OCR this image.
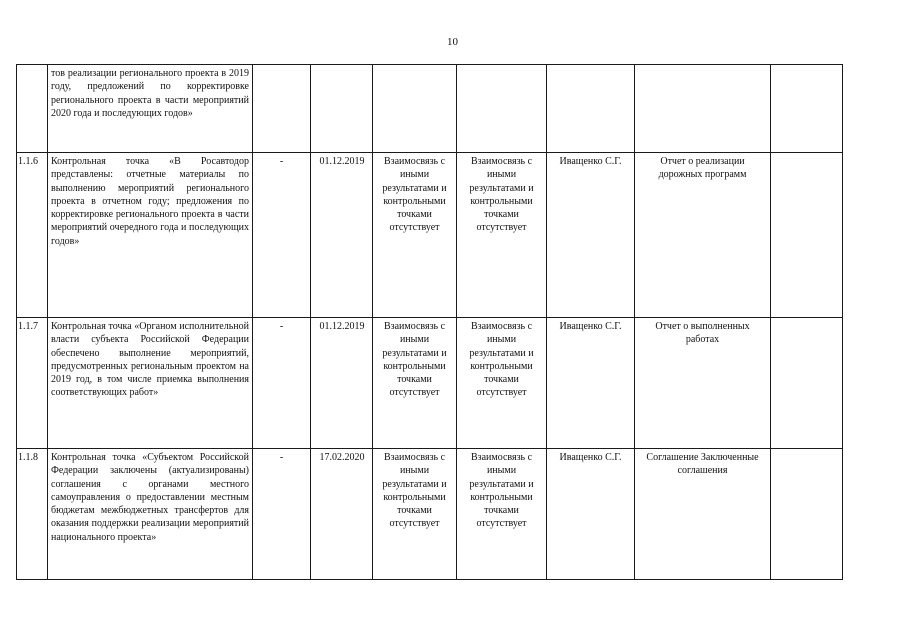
10
	тов реализации регионального проекта в 2019 году, предложений по корректировке регионального проекта в части мероприятий 2020 года и последующих годов»							
1.1.6	Контрольная точка «В Росавтодор представлены: отчетные материалы по выполнению мероприятий регионального проекта в отчетном году; предложения по корректировке регионального проекта в части мероприятий очередного года и последующих годов»	-	01.12.2019	Взаимосвязь с иными результатами и контрольными точками отсутствует	Взаимосвязь с иными результатами и контрольными точками отсутствует	Иващенко С.Г.	Отчет о реализации дорожных программ	
1.1.7	Контрольная точка «Органом исполнительной власти субъекта Российской Федерации обеспечено выполнение мероприятий, предусмотренных региональным проектом на 2019 год, в том числе приемка выполнения соответствующих работ»	-	01.12.2019	Взаимосвязь с иными результатами и контрольными точками отсутствует	Взаимосвязь с иными результатами и контрольными точками отсутствует	Иващенко С.Г.	Отчет о выполненных работах	
1.1.8	Контрольная точка «Субъектом Российской Федерации заключены (актуализированы) соглашения с органами местного самоуправления о предоставлении местным бюджетам межбюджетных трансфертов для оказания поддержки реализации мероприятий национального проекта»	-	17.02.2020	Взаимосвязь с иными результатами и контрольными точками отсутствует	Взаимосвязь с иными результатами и контрольными точками отсутствует	Иващенко С.Г.	Соглашение Заключенные соглашения	
